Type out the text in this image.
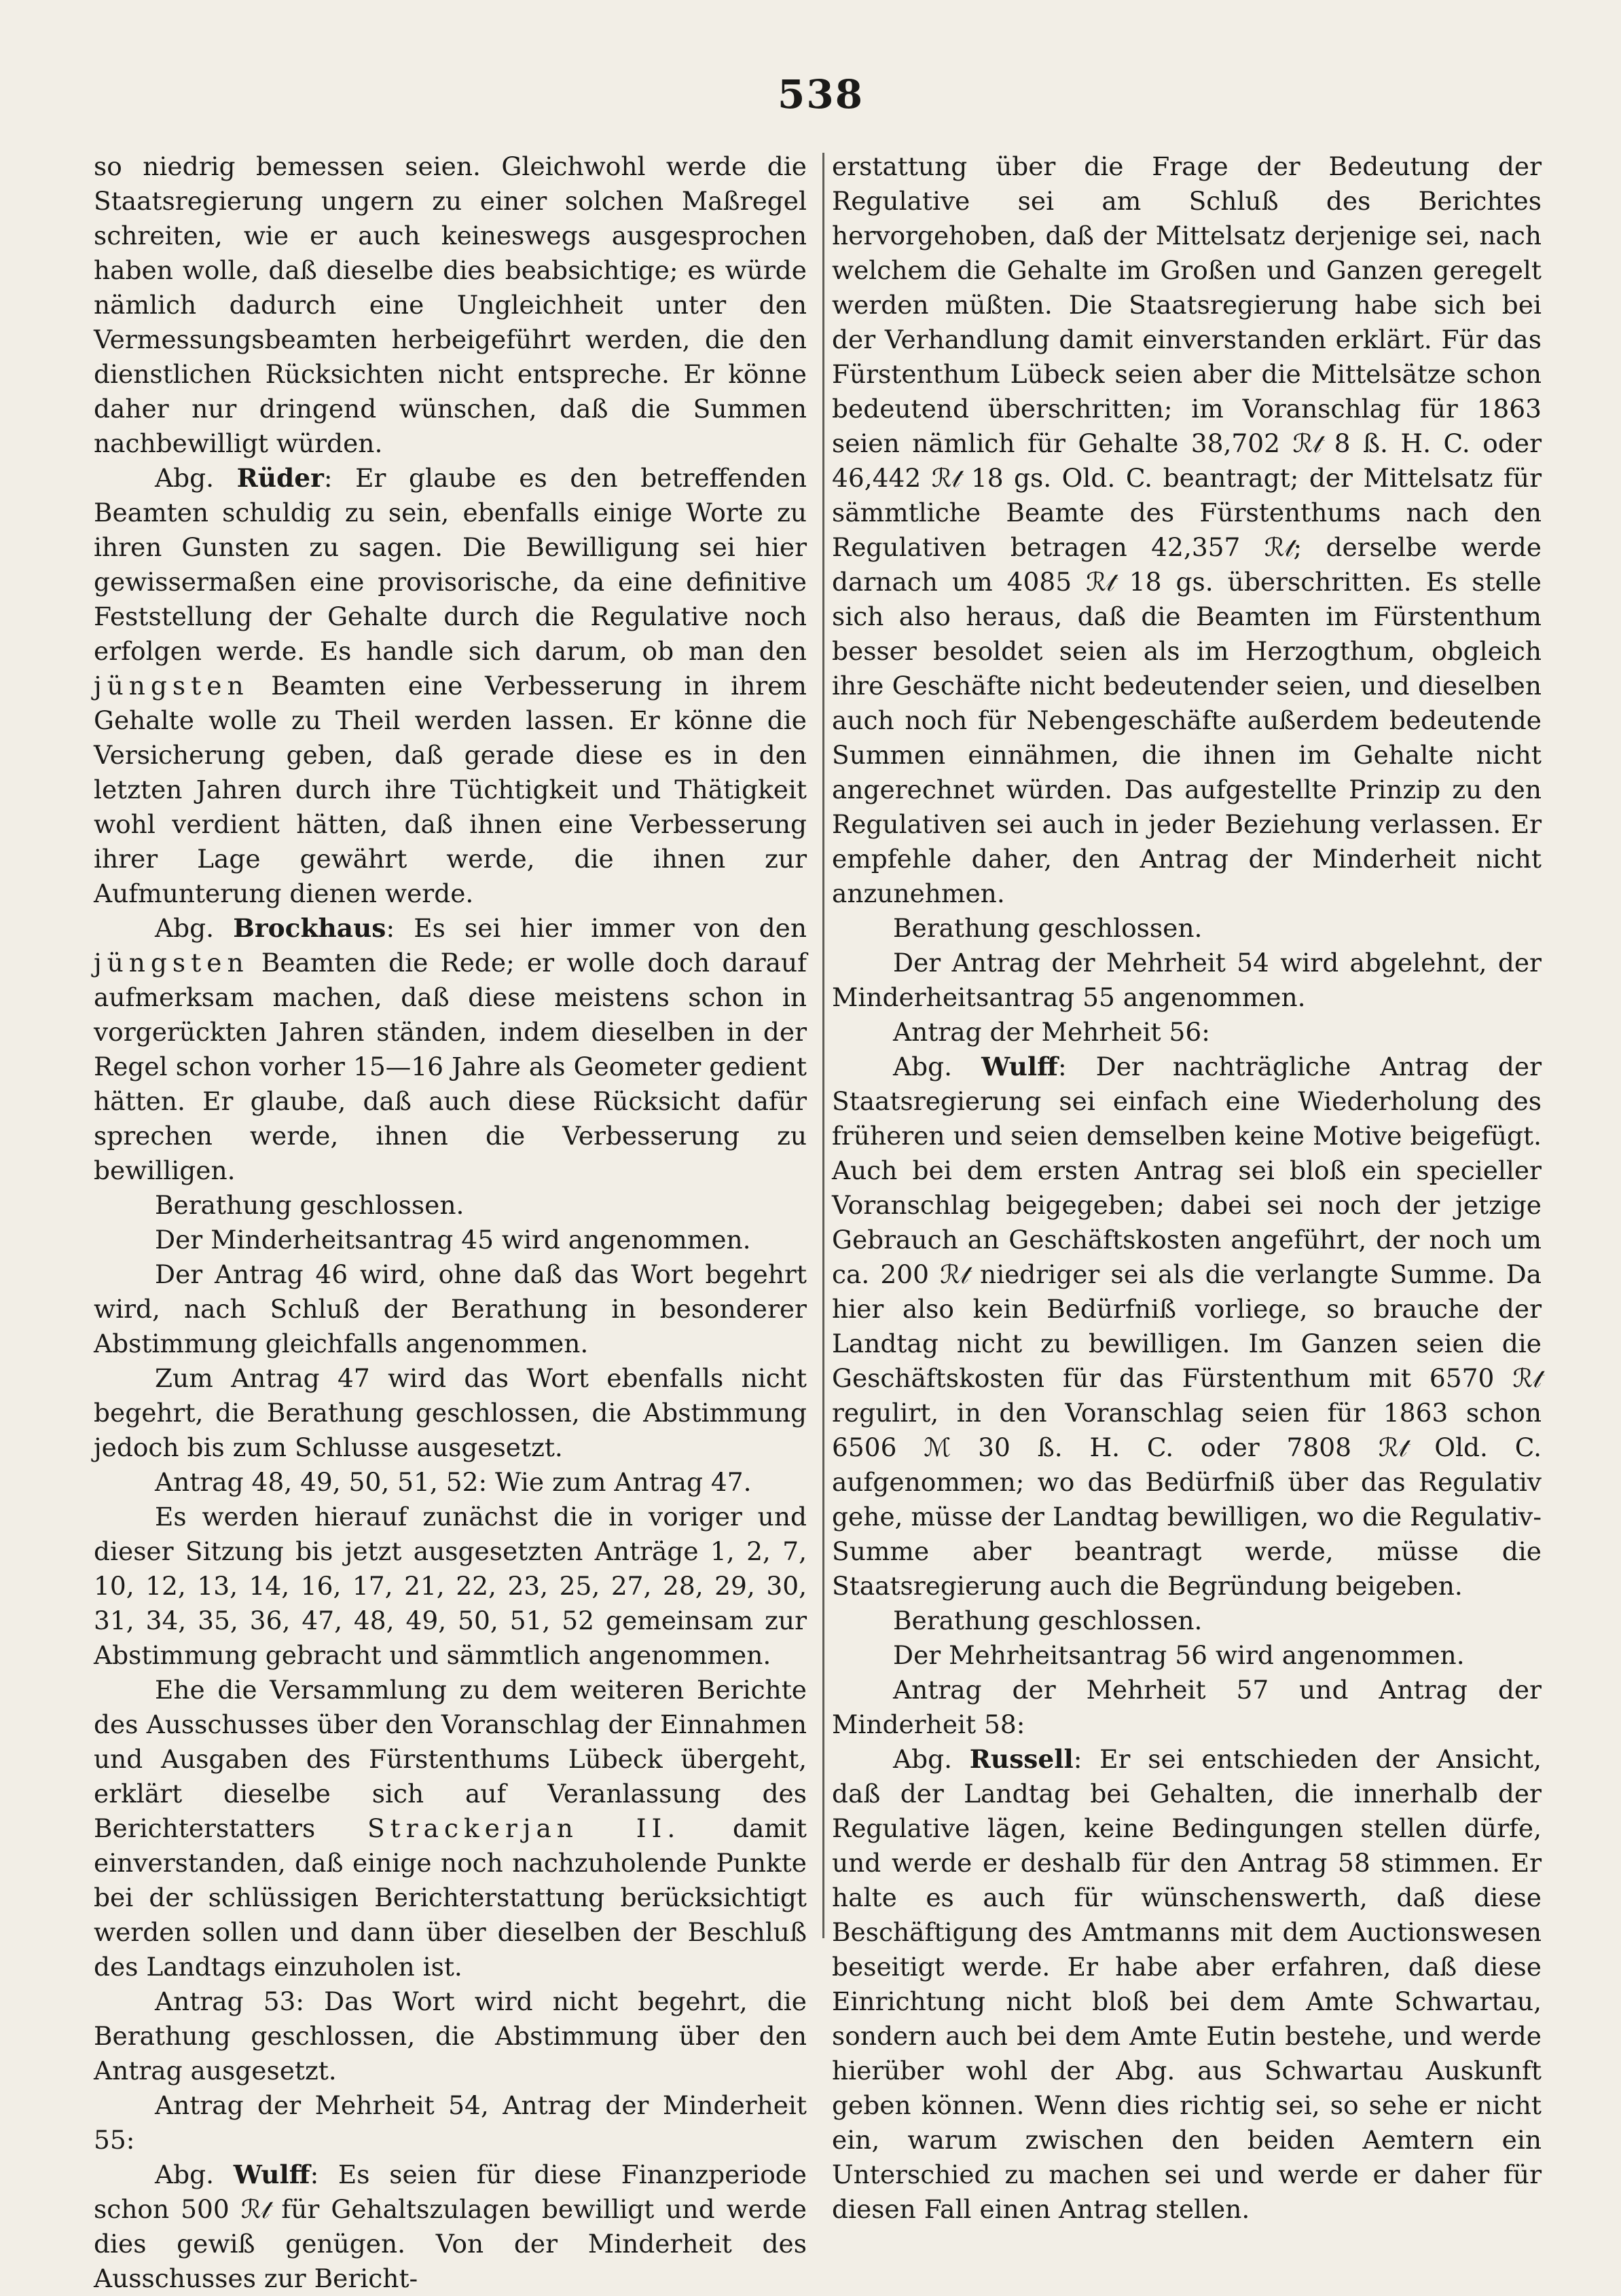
538

so niedrig bemessen seien. Gleichwohl werde die Staatsregierung ungern zu einer solchen Maßregel schreiten, wie er auch keineswegs ausgesprochen haben wolle, daß dieselbe dies beabsichtige; es würde nämlich dadurch eine Ungleichheit unter den Vermessungsbeamten herbeigeführt werden, die den dienstlichen Rücksichten nicht entspreche. Er könne daher nur dringend wünschen, daß die Summen nachbewilligt würden.

Abg. Rüder: Er glaube es den betreffenden Beamten schuldig zu sein, ebenfalls einige Worte zu ihren Gunsten zu sagen. Die Bewilligung sei hier gewissermaßen eine provisorische, da eine definitive Feststellung der Gehalte durch die Regulative noch erfolgen werde. Es handle sich darum, ob man den jüngsten Beamten eine Verbesserung in ihrem Gehalte wolle zu Theil werden lassen. Er könne die Versicherung geben, daß gerade diese es in den letzten Jahren durch ihre Tüchtigkeit und Thätigkeit wohl verdient hätten, daß ihnen eine Verbesserung ihrer Lage gewährt werde, die ihnen zur Aufmunterung dienen werde.

Abg. Brockhaus: Es sei hier immer von den jüngsten Beamten die Rede; er wolle doch darauf aufmerksam machen, daß diese meistens schon in vorgerückten Jahren ständen, indem dieselben in der Regel schon vorher 15—16 Jahre als Geometer gedient hätten. Er glaube, daß auch diese Rücksicht dafür sprechen werde, ihnen die Verbesserung zu bewilligen.

Berathung geschlossen.

Der Minderheitsantrag 45 wird angenommen.

Der Antrag 46 wird, ohne daß das Wort begehrt wird, nach Schluß der Berathung in besonderer Abstimmung gleichfalls angenommen.

Zum Antrag 47 wird das Wort ebenfalls nicht begehrt, die Berathung geschlossen, die Abstimmung jedoch bis zum Schlusse ausgesetzt.

Antrag 48, 49, 50, 51, 52: Wie zum Antrag 47.

Es werden hierauf zunächst die in voriger und dieser Sitzung bis jetzt ausgesetzten Anträge 1, 2, 7, 10, 12, 13, 14, 16, 17, 21, 22, 23, 25, 27, 28, 29, 30, 31, 34, 35, 36, 47, 48, 49, 50, 51, 52 gemeinsam zur Abstimmung gebracht und sämmtlich angenommen.

Ehe die Versammlung zu dem weiteren Berichte des Ausschusses über den Voranschlag der Einnahmen und Ausgaben des Fürstenthums Lübeck übergeht, erklärt dieselbe sich auf Veranlassung des Berichterstatters Strackerjan II. damit einverstanden, daß einige noch nachzuholende Punkte bei der schlüssigen Berichterstattung berücksichtigt werden sollen und dann über dieselben der Beschluß des Landtags einzuholen ist.

Antrag 53: Das Wort wird nicht begehrt, die Berathung geschlossen, die Abstimmung über den Antrag ausgesetzt.

Antrag der Mehrheit 54, Antrag der Minderheit 55:

Abg. Wulff: Es seien für diese Finanzperiode schon 500 ℛ𝓉 für Gehaltszulagen bewilligt und werde dies gewiß genügen. Von der Minderheit des Ausschusses zur Bericht-

erstattung über die Frage der Bedeutung der Regulative sei am Schluß des Berichtes hervorgehoben, daß der Mittelsatz derjenige sei, nach welchem die Gehalte im Großen und Ganzen geregelt werden müßten. Die Staatsregierung habe sich bei der Verhandlung damit einverstanden erklärt. Für das Fürstenthum Lübeck seien aber die Mittelsätze schon bedeutend überschritten; im Voranschlag für 1863 seien nämlich für Gehalte 38,702 ℛ𝓉 8 ß. H. C. oder 46,442 ℛ𝓉 18 gs. Old. C. beantragt; der Mittelsatz für sämmtliche Beamte des Fürstenthums nach den Regulativen betragen 42,357 ℛ𝓉; derselbe werde darnach um 4085 ℛ𝓉 18 gs. überschritten. Es stelle sich also heraus, daß die Beamten im Fürstenthum besser besoldet seien als im Herzogthum, obgleich ihre Geschäfte nicht bedeutender seien, und dieselben auch noch für Nebengeschäfte außerdem bedeutende Summen einnähmen, die ihnen im Gehalte nicht angerechnet würden. Das aufgestellte Prinzip zu den Regulativen sei auch in jeder Beziehung verlassen. Er empfehle daher, den Antrag der Minderheit nicht anzunehmen.

Berathung geschlossen.

Der Antrag der Mehrheit 54 wird abgelehnt, der Minderheitsantrag 55 angenommen.

Antrag der Mehrheit 56:

Abg. Wulff: Der nachträgliche Antrag der Staatsregierung sei einfach eine Wiederholung des früheren und seien demselben keine Motive beigefügt. Auch bei dem ersten Antrag sei bloß ein specieller Voranschlag beigegeben; dabei sei noch der jetzige Gebrauch an Geschäftskosten angeführt, der noch um ca. 200 ℛ𝓉 niedriger sei als die verlangte Summe. Da hier also kein Bedürfniß vorliege, so brauche der Landtag nicht zu bewilligen. Im Ganzen seien die Geschäftskosten für das Fürstenthum mit 6570 ℛ𝓉 regulirt, in den Voranschlag seien für 1863 schon 6506 ℳ 30 ß. H. C. oder 7808 ℛ𝓉 Old. C. aufgenommen; wo das Bedürfniß über das Regulativ gehe, müsse der Landtag bewilligen, wo die Regulativ-Summe aber beantragt werde, müsse die Staatsregierung auch die Begründung beigeben.

Berathung geschlossen.

Der Mehrheitsantrag 56 wird angenommen.

Antrag der Mehrheit 57 und Antrag der Minderheit 58:

Abg. Russell: Er sei entschieden der Ansicht, daß der Landtag bei Gehalten, die innerhalb der Regulative lägen, keine Bedingungen stellen dürfe, und werde er deshalb für den Antrag 58 stimmen. Er halte es auch für wünschenswerth, daß diese Beschäftigung des Amtmanns mit dem Auctionswesen beseitigt werde. Er habe aber erfahren, daß diese Einrichtung nicht bloß bei dem Amte Schwartau, sondern auch bei dem Amte Eutin bestehe, und werde hierüber wohl der Abg. aus Schwartau Auskunft geben können. Wenn dies richtig sei, so sehe er nicht ein, warum zwischen den beiden Aemtern ein Unterschied zu machen sei und werde er daher für diesen Fall einen Antrag stellen.
